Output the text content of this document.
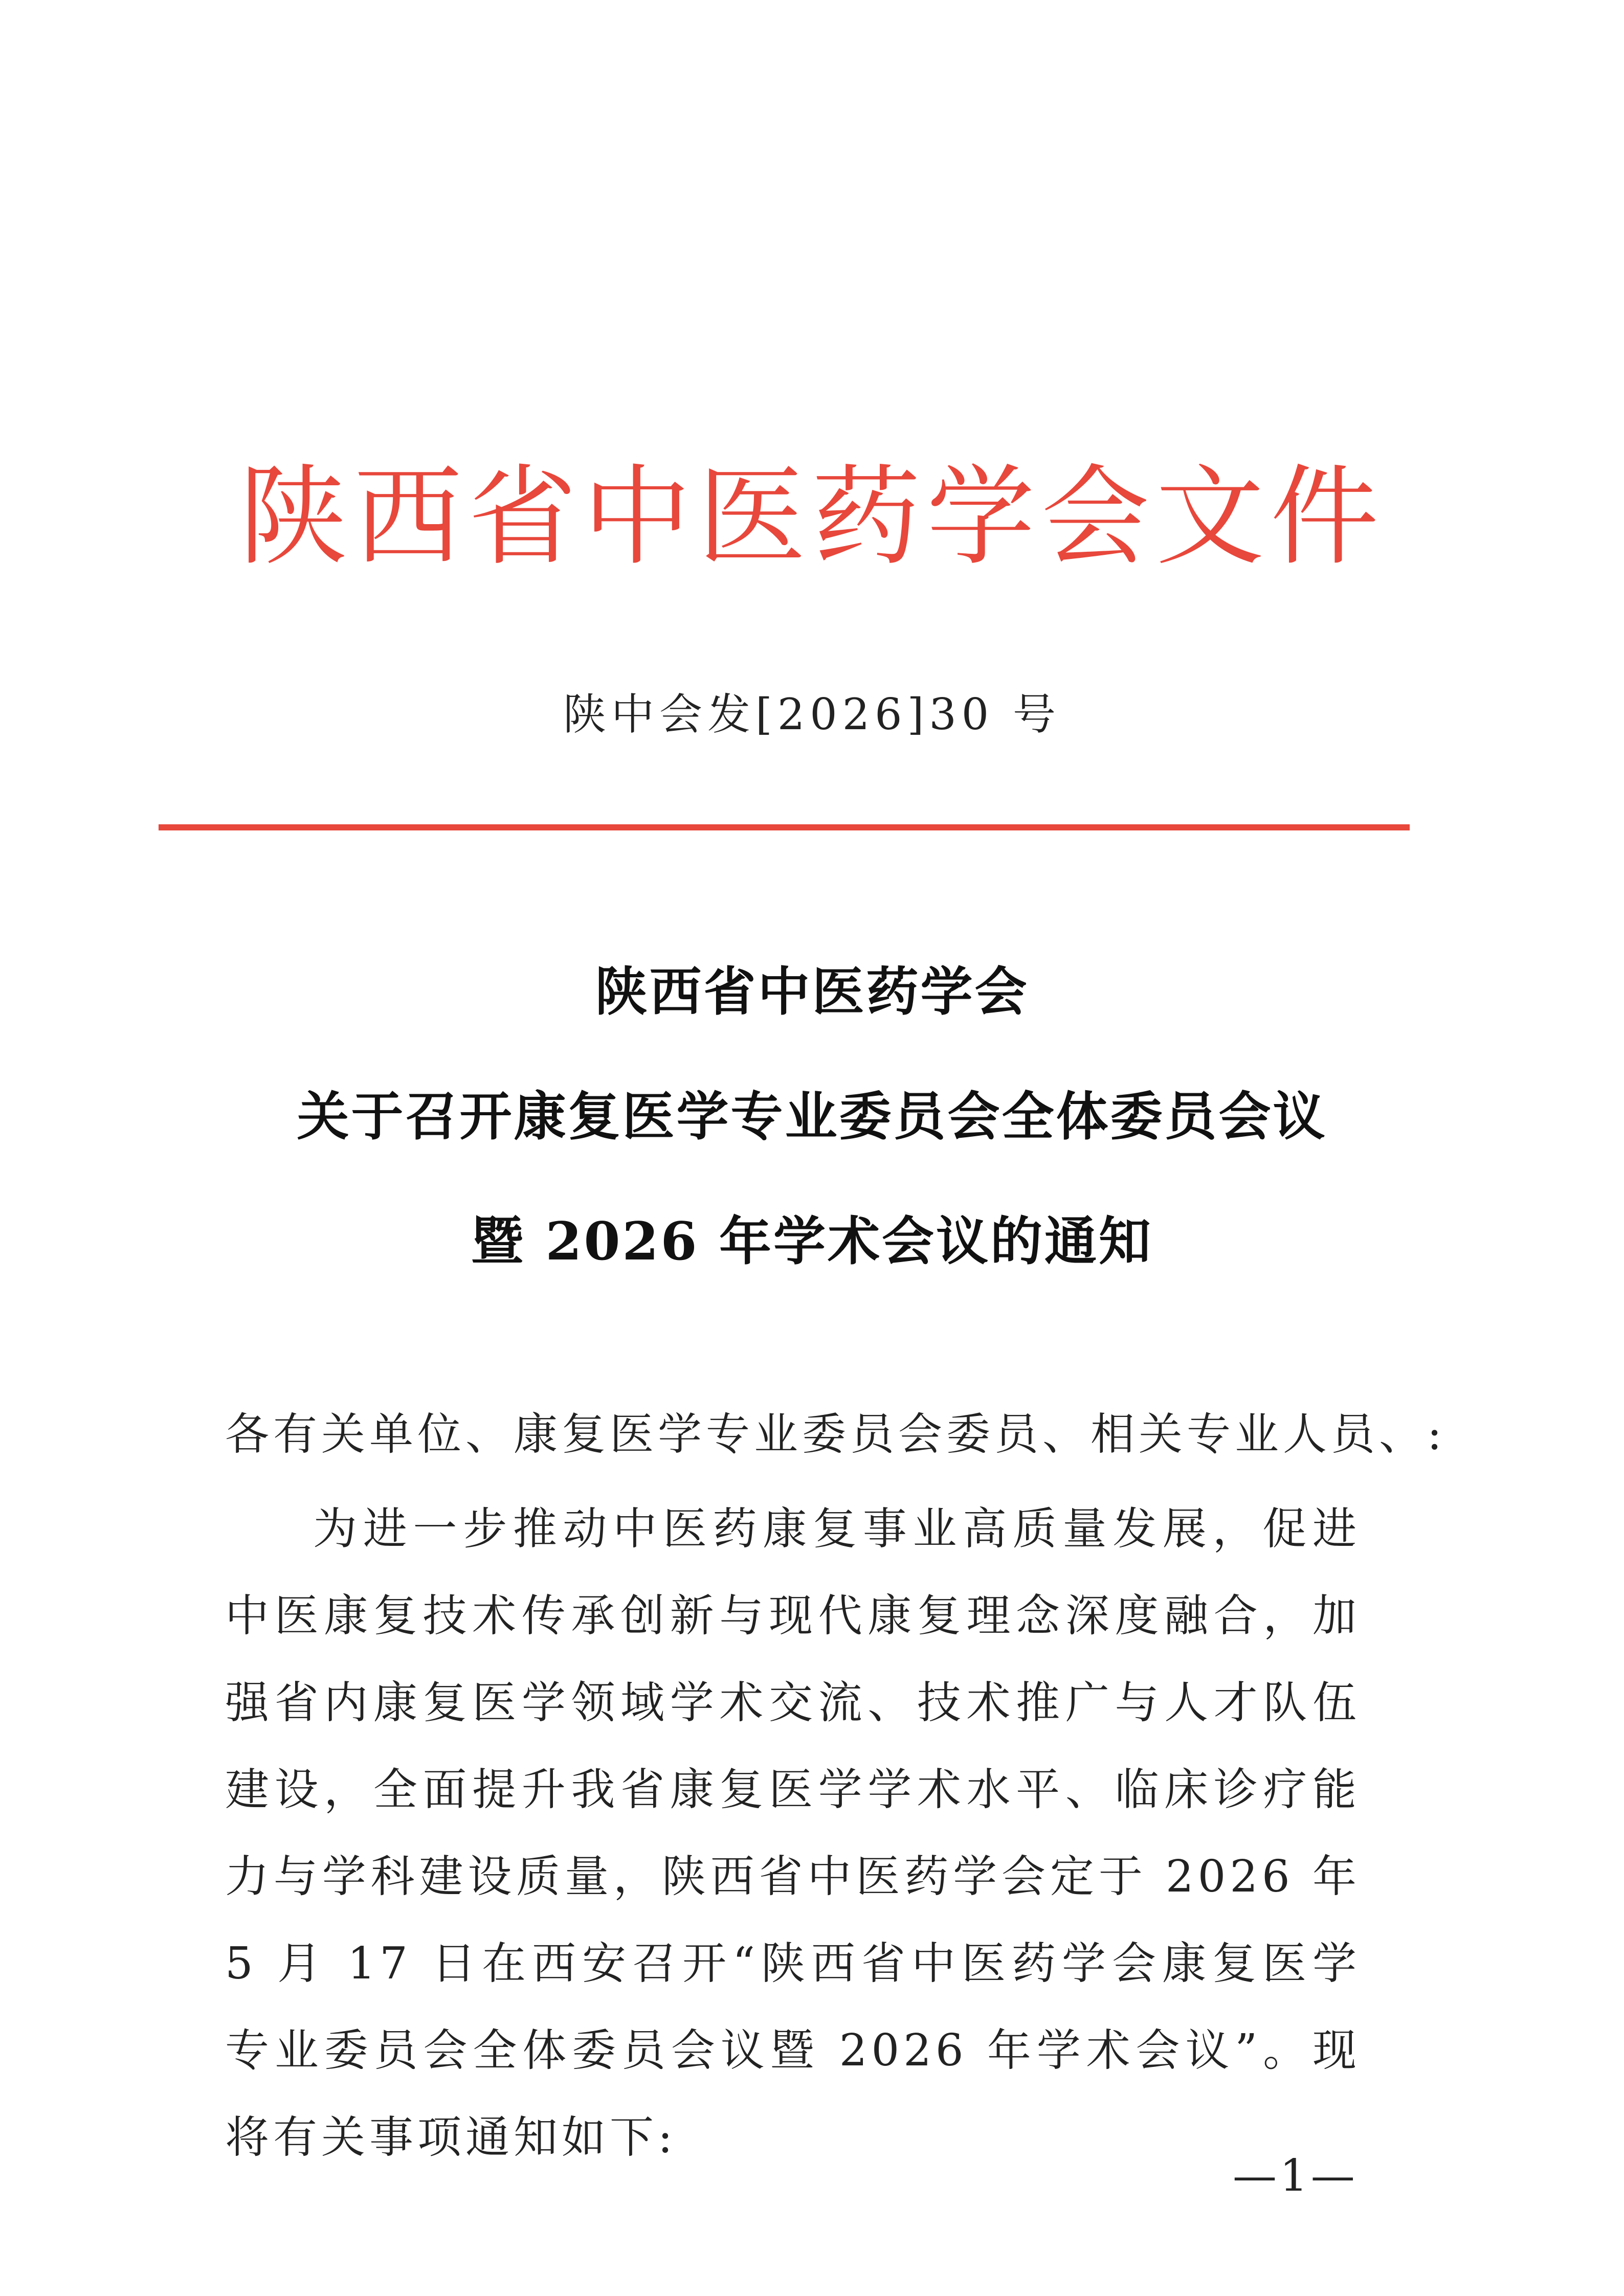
陕西省中医药学会文件
陕中会发[2026]30 号
陕西省中医药学会
关于召开康复医学专业委员会全体委员会议
暨 2026 年学术会议的通知

各有关单位、康复医学专业委员会委员、相关专业人员、:

为进一步推动中医药康复事业高质量发展，促进中医康复技术传承创新与现代康复理念深度融合，加强省内康复医学领域学术交流、技术推广与人才队伍建设，全面提升我省康复医学学术水平、临床诊疗能力与学科建设质量，陕西省中医药学会定于 2026 年 5 月 17 日在西安召开“陕西省中医药学会康复医学专业委员会全体委员会议暨 2026 年学术会议”。现将有关事项通知如下:

—1—
